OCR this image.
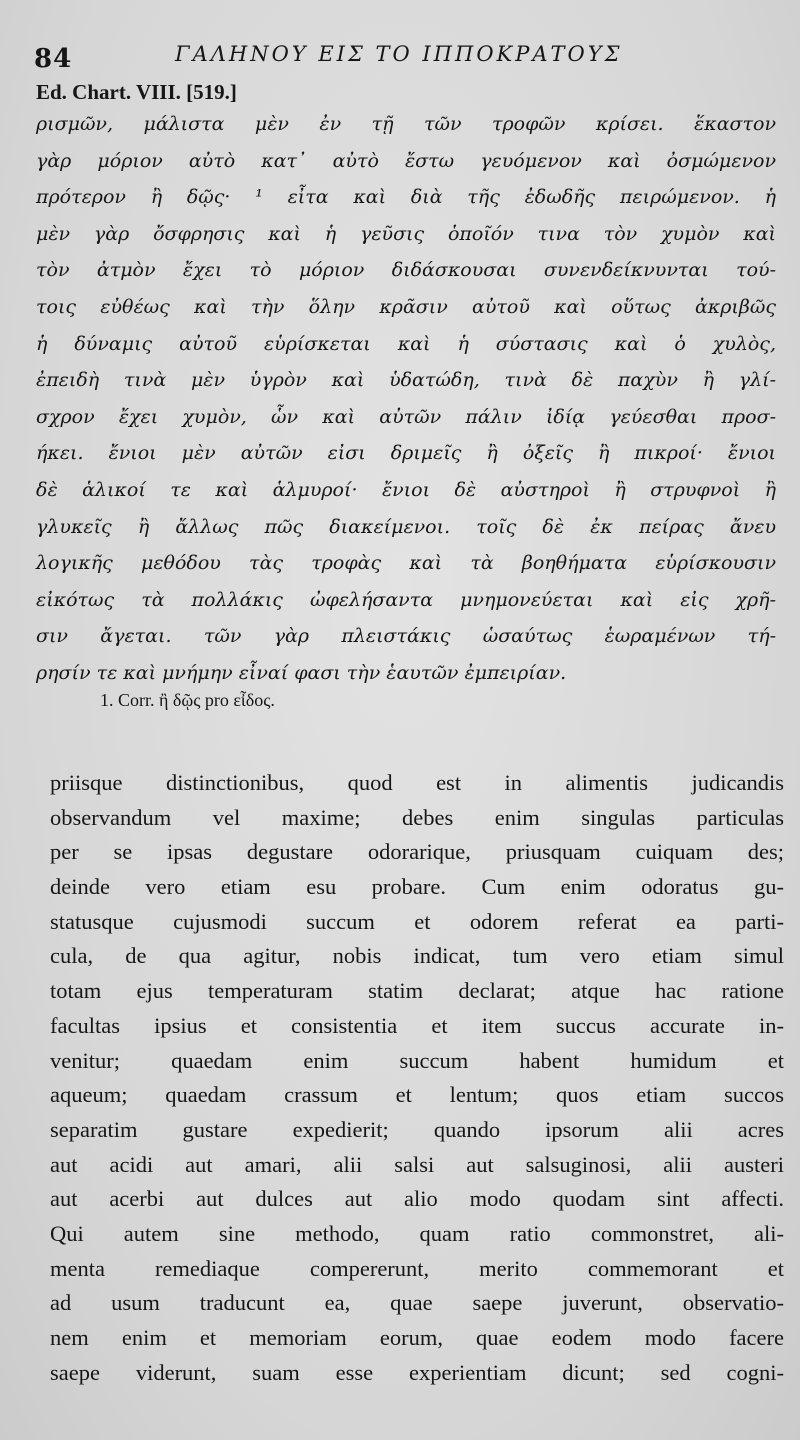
84	ΓΑΛΗΝΟΥ ΕΙΣ ΤΟ ΙΠΠΟΚΡΑΤΟΥΣ
Ed. Chart. VIII. [519.]
ρισμῶν, μάλιστα μὲν ἐν τῇ τῶν τροφῶν κρίσει. ἕκαστον
γὰρ μόριον αὐτὸ κατ᾽ αὐτὸ ἔστω γευόμενον καὶ ὀσμώμενον
πρότερον ἢ δῷς· ¹ εἶτα καὶ διὰ τῆς ἐδωδῆς πειρώμενον. ἡ
μὲν γὰρ ὄσφρησις καὶ ἡ γεῦσις ὁποῖόν τινα τὸν χυμὸν καὶ
τὸν ἀτμὸν ἔχει τὸ μόριον διδάσκουσαι συνενδείκνυνται τού-
τοις εὐθέως καὶ τὴν ὅλην κρᾶσιν αὐτοῦ καὶ οὕτως ἀκριβῶς
ἡ δύναμις αὐτοῦ εὑρίσκεται καὶ ἡ σύστασις καὶ ὁ χυλὸς,
ἐπειδὴ τινὰ μὲν ὑγρὸν καὶ ὑδατώδη, τινὰ δὲ παχὺν ἢ γλί-
σχρον ἔχει χυμὸν, ὧν καὶ αὐτῶν πάλιν ἰδίᾳ γεύεσθαι προσ-
ήκει. ἔνιοι μὲν αὐτῶν εἰσι δριμεῖς ἢ ὀξεῖς ἢ πικροί· ἔνιοι
δὲ ἁλικοί τε καὶ ἁλμυροί· ἔνιοι δὲ αὐστηροὶ ἢ στρυφνοὶ ἢ
γλυκεῖς ἢ ἄλλως πῶς διακείμενοι. τοῖς δὲ ἐκ πείρας ἄνευ
λογικῆς μεθόδου τὰς τροφὰς καὶ τὰ βοηθήματα εὑρίσκουσιν
εἰκότως τὰ πολλάκις ὠφελήσαντα μνημονεύεται καὶ εἰς χρῆ-
σιν ἄγεται. τῶν γὰρ πλειστάκις ὡσαύτως ἑωραμένων τή-
ρησίν τε καὶ μνήμην εἶναί φασι τὴν ἑαυτῶν ἐμπειρίαν.
1. Corr. ἢ δῷς pro εἶδος.
priisque distinctionibus, quod est in alimentis judicandis
observandum vel maxime; debes enim singulas particulas
per se ipsas degustare odorarique, priusquam cuiquam des;
deinde vero etiam esu probare. Cum enim odoratus gu-
statusque cujusmodi succum et odorem referat ea parti-
cula, de qua agitur, nobis indicat, tum vero etiam simul
totam ejus temperaturam statim declarat; atque hac ratione
facultas ipsius et consistentia et item succus accurate in-
venitur; quaedam enim succum habent humidum et
aqueum; quaedam crassum et lentum; quos etiam succos
separatim gustare expedierit; quando ipsorum alii acres
aut acidi aut amari, alii salsi aut salsuginosi, alii austeri
aut acerbi aut dulces aut alio modo quodam sint affecti.
Qui autem sine methodo, quam ratio commonstret, ali-
menta remediaque compererunt, merito commemorant et
ad usum traducunt ea, quae saepe juverunt, observatio-
nem enim et memoriam eorum, quae eodem modo facere
saepe viderunt, suam esse experientiam dicunt; sed cogni-
